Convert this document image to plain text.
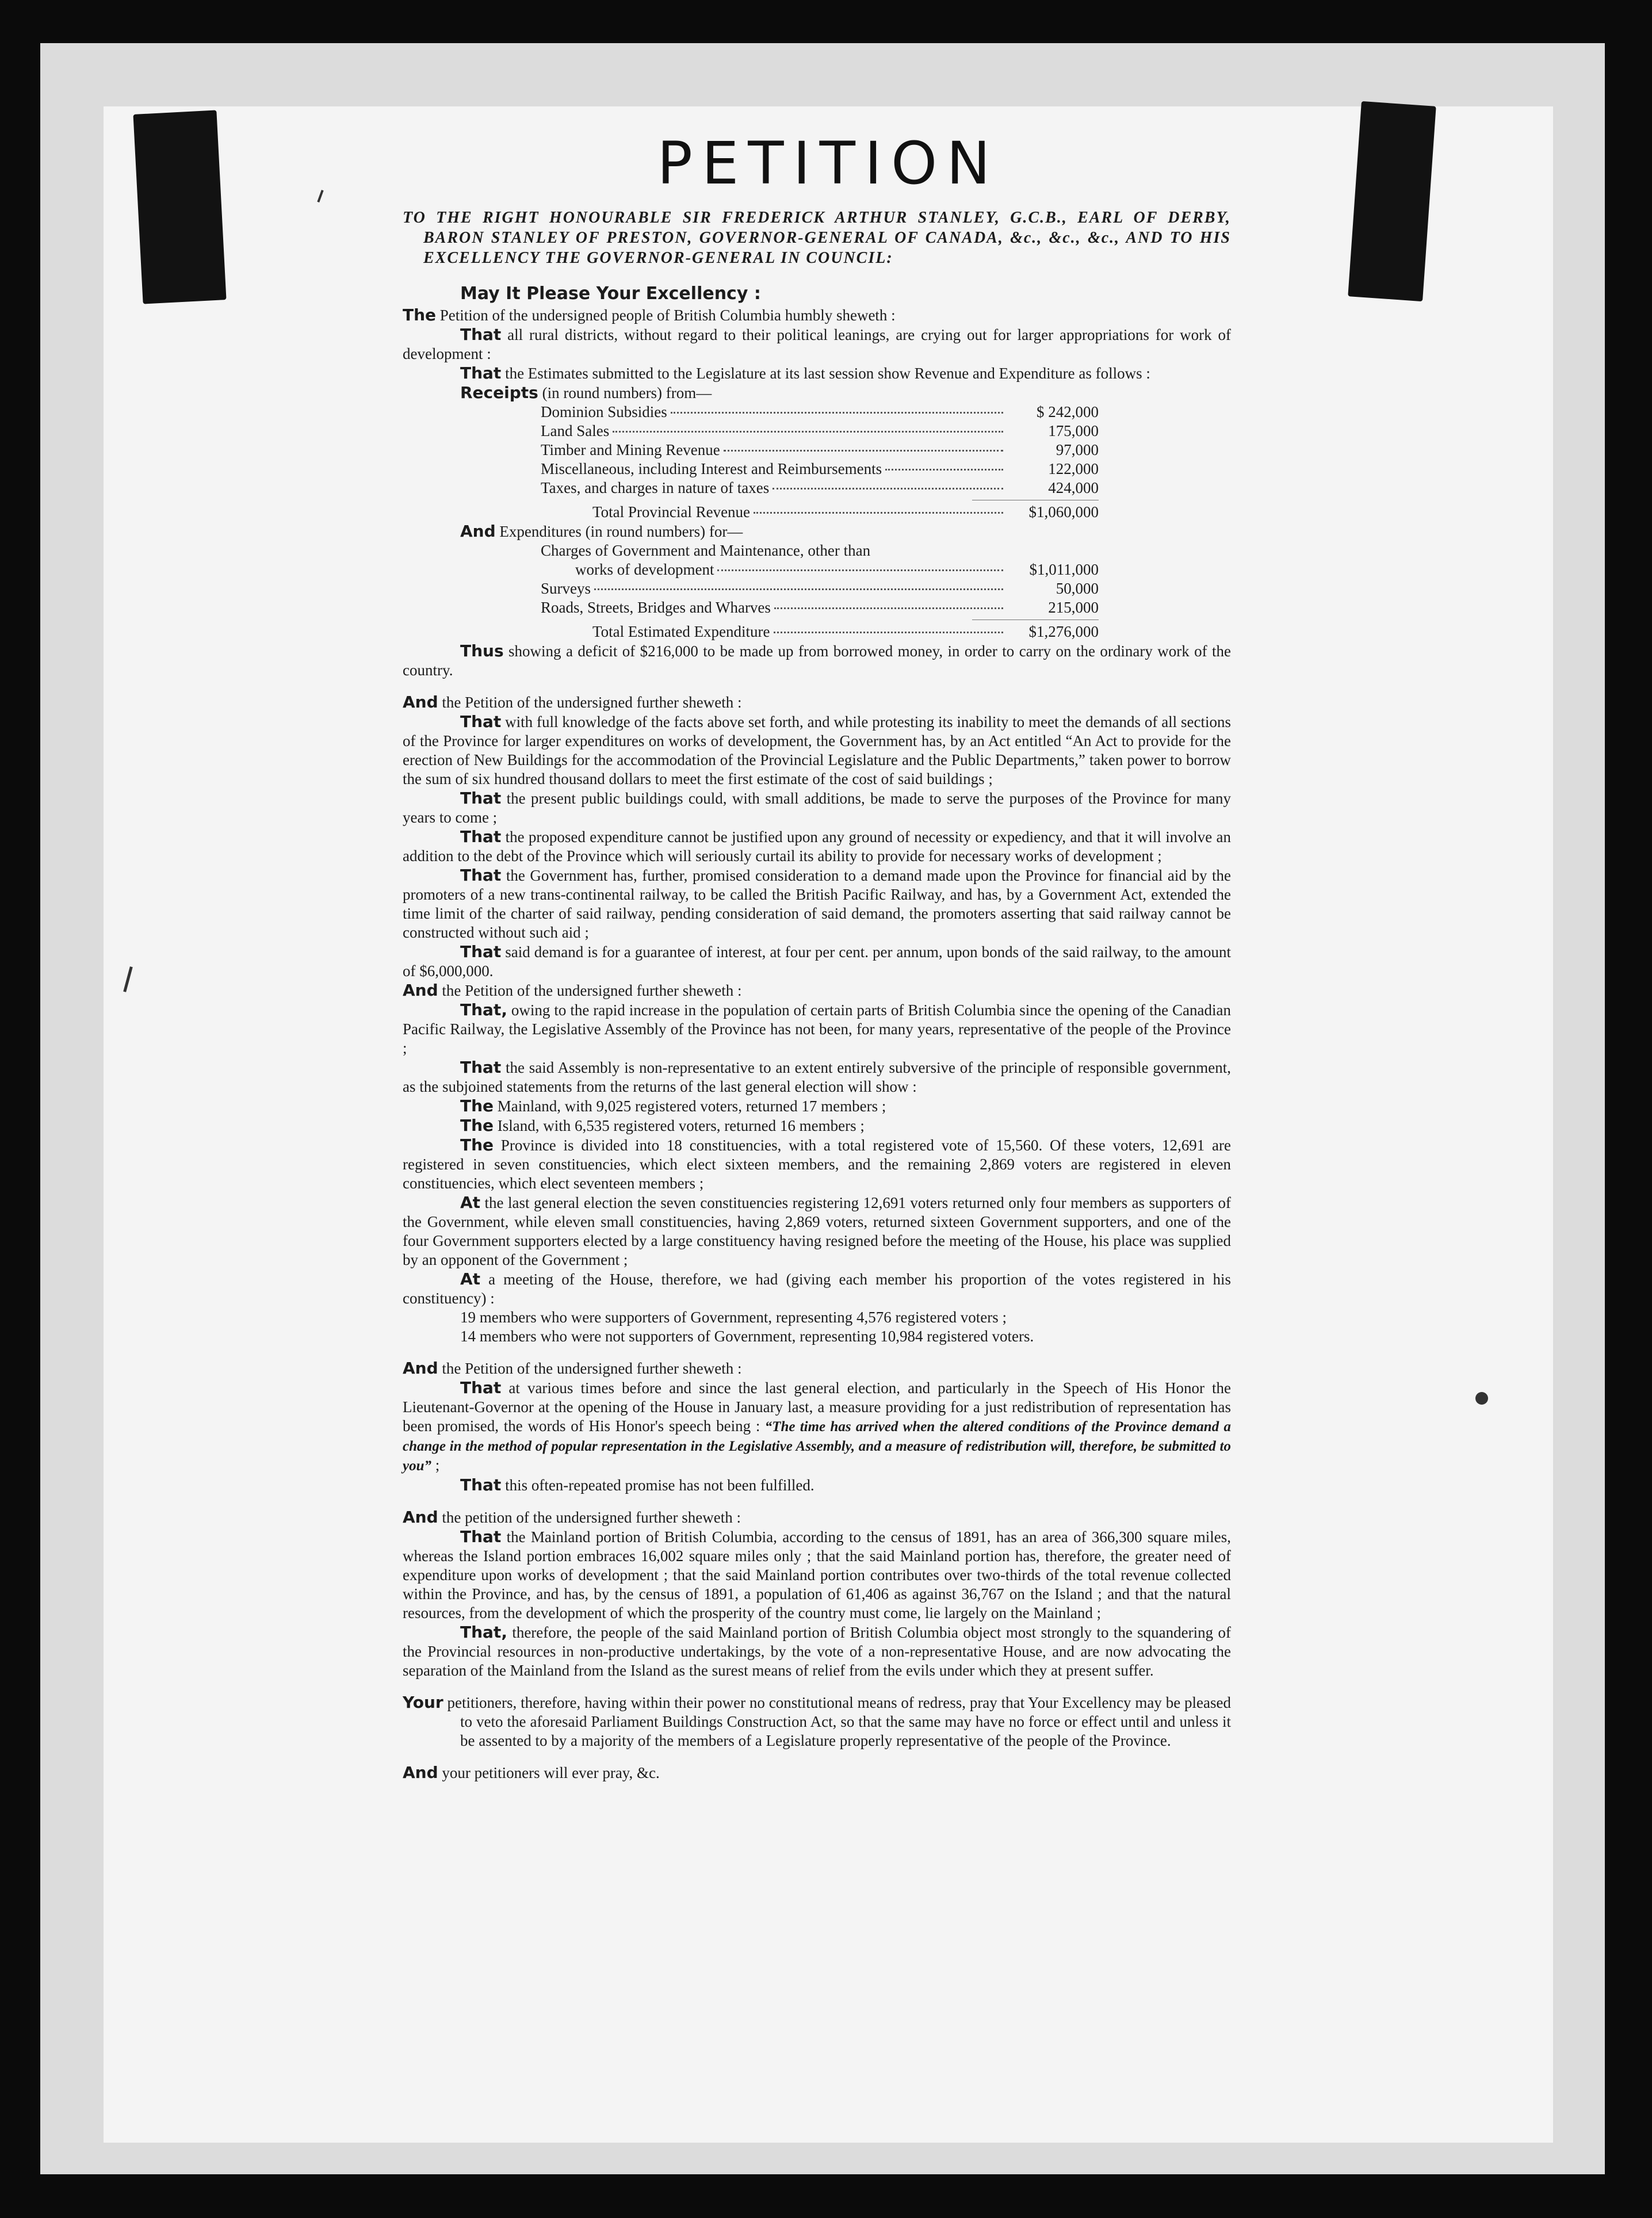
PETITION

TO THE RIGHT HONOURABLE SIR FREDERICK ARTHUR STANLEY, G.C.B., EARL OF DERBY, BARON STANLEY OF PRESTON, GOVERNOR-GENERAL OF CANADA, &c., &c., &c., AND TO HIS EXCELLENCY THE GOVERNOR-GENERAL IN COUNCIL:

May It Please Your Excellency :

The Petition of the undersigned people of British Columbia humbly sheweth :

That all rural districts, without regard to their political leanings, are crying out for larger appropriations for work of development :

That the Estimates submitted to the Legislature at its last session show Revenue and Expenditure as follows :

Receipts (in round numbers) from—

Dominion Subsidies	$ 242,000
Land Sales	175,000
Timber and Mining Revenue	97,000
Miscellaneous, including Interest and Reimbursements	122,000
Taxes, and charges in nature of taxes	424,000
Total Provincial Revenue	$1,060,000

And Expenditures (in round numbers) for—

Charges of Government and Maintenance, other than
works of development	$1,011,000
Surveys	50,000
Roads, Streets, Bridges and Wharves	215,000
Total Estimated Expenditure	$1,276,000

Thus showing a deficit of $216,000 to be made up from borrowed money, in order to carry on the ordinary work of the country.

And the Petition of the undersigned further sheweth :

That with full knowledge of the facts above set forth, and while protesting its inability to meet the demands of all sections of the Province for larger expenditures on works of development, the Government has, by an Act entitled “An Act to provide for the erection of New Buildings for the accommodation of the Provincial Legislature and the Public Departments,” taken power to borrow the sum of six hundred thousand dollars to meet the first estimate of the cost of said buildings ;

That the present public buildings could, with small additions, be made to serve the purposes of the Province for many years to come ;

That the proposed expenditure cannot be justified upon any ground of necessity or expediency, and that it will involve an addition to the debt of the Province which will seriously curtail its ability to provide for necessary works of development ;

That the Government has, further, promised consideration to a demand made upon the Province for financial aid by the promoters of a new trans-continental railway, to be called the British Pacific Railway, and has, by a Government Act, extended the time limit of the charter of said railway, pending consideration of said demand, the promoters asserting that said railway cannot be constructed without such aid ;

That said demand is for a guarantee of interest, at four per cent. per annum, upon bonds of the said railway, to the amount of $6,000,000.

And the Petition of the undersigned further sheweth :

That, owing to the rapid increase in the population of certain parts of British Columbia since the opening of the Canadian Pacific Railway, the Legislative Assembly of the Province has not been, for many years, representative of the people of the Province ;

That the said Assembly is non-representative to an extent entirely subversive of the principle of responsible government, as the subjoined statements from the returns of the last general election will show :

The Mainland, with 9,025 registered voters, returned 17 members ;

The Island, with 6,535 registered voters, returned 16 members ;

The Province is divided into 18 constituencies, with a total registered vote of 15,560. Of these voters, 12,691 are registered in seven constituencies, which elect sixteen members, and the remaining 2,869 voters are registered in eleven constituencies, which elect seventeen members ;

At the last general election the seven constituencies registering 12,691 voters returned only four members as supporters of the Government, while eleven small constituencies, having 2,869 voters, returned sixteen Government supporters, and one of the four Government supporters elected by a large constituency having resigned before the meeting of the House, his place was supplied by an opponent of the Government ;

At a meeting of the House, therefore, we had (giving each member his proportion of the votes registered in his constituency) :

19 members who were supporters of Government, representing 4,576 registered voters ;

14 members who were not supporters of Government, representing 10,984 registered voters.

And the Petition of the undersigned further sheweth :

That at various times before and since the last general election, and particularly in the Speech of His Honor the Lieutenant-Governor at the opening of the House in January last, a measure providing for a just redistribution of representation has been promised, the words of His Honor's speech being : “The time has arrived when the altered conditions of the Province demand a change in the method of popular representation in the Legislative Assembly, and a measure of redistribution will, therefore, be submitted to you” ;

That this often-repeated promise has not been fulfilled.

And the petition of the undersigned further sheweth :

That the Mainland portion of British Columbia, according to the census of 1891, has an area of 366,300 square miles, whereas the Island portion embraces 16,002 square miles only ; that the said Mainland portion has, therefore, the greater need of expenditure upon works of development ; that the said Mainland portion contributes over two-thirds of the total revenue collected within the Province, and has, by the census of 1891, a population of 61,406 as against 36,767 on the Island ; and that the natural resources, from the development of which the prosperity of the country must come, lie largely on the Mainland ;

That, therefore, the people of the said Mainland portion of British Columbia object most strongly to the squandering of the Provincial resources in non-productive undertakings, by the vote of a non-representative House, and are now advocating the separation of the Mainland from the Island as the surest means of relief from the evils under which they at present suffer.

Your petitioners, therefore, having within their power no constitutional means of redress, pray that Your Excellency may be pleased to veto the aforesaid Parliament Buildings Construction Act, so that the same may have no force or effect until and unless it be assented to by a majority of the members of a Legislature properly representative of the people of the Province.

And your petitioners will ever pray, &c.
